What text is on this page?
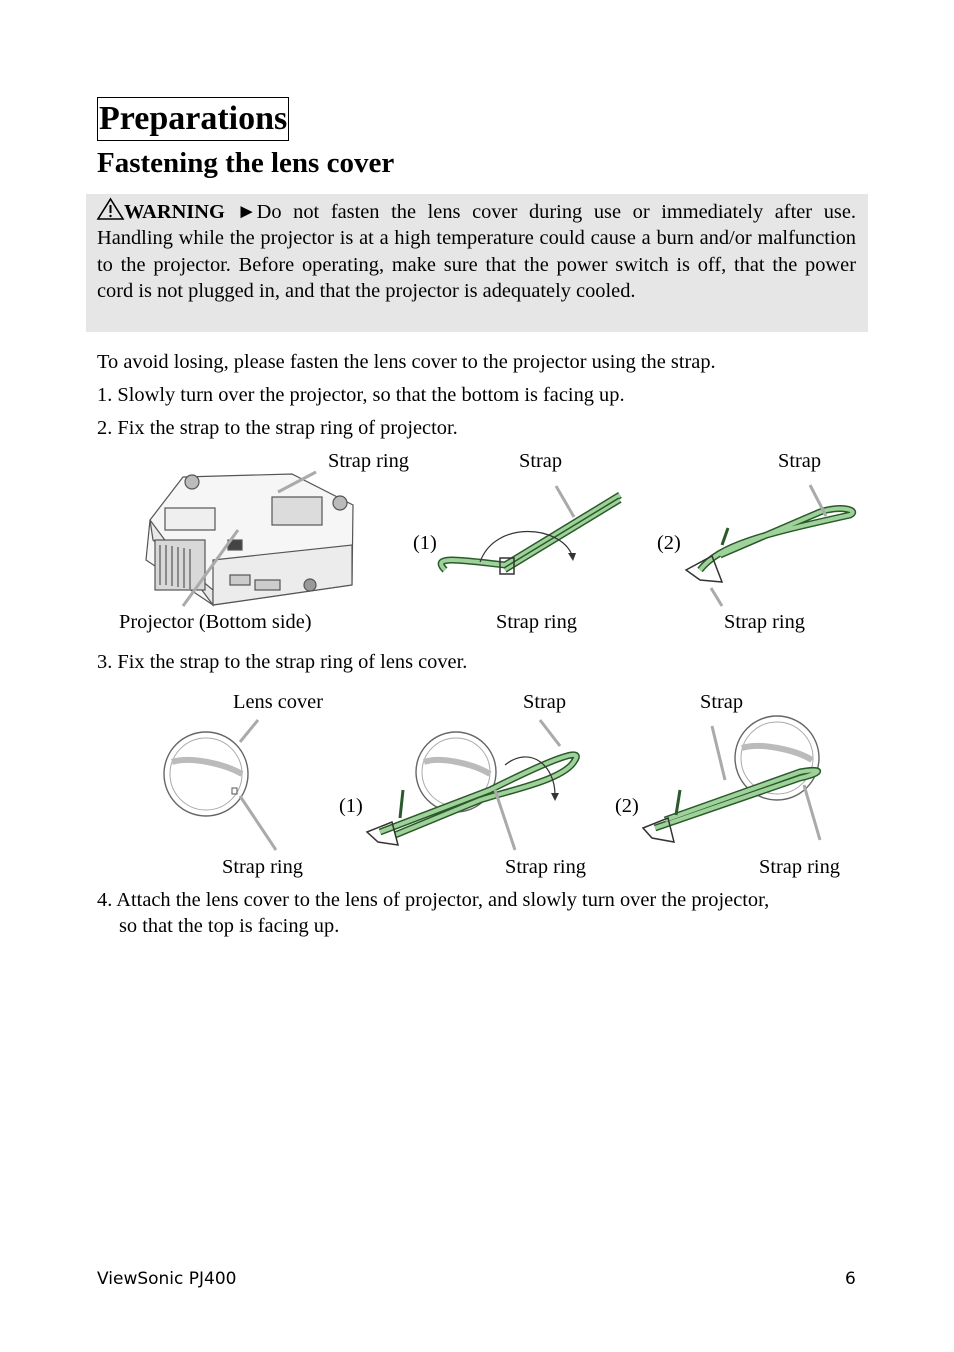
Preparations
Fastening the lens cover
WARNING ►Do not fasten the lens cover during use or immediately after use. Handling while the projector is at a high temperature could cause a burn and/or malfunction to the projector. Before operating, make sure that the power switch is off, that the power cord is not plugged in, and that the projector is adequately cooled.
To avoid losing, please fasten the lens cover to the projector using the strap.
1. Slowly turn over the projector, so that the bottom is facing up.
2. Fix the strap to the strap ring of projector.
Strap ring	Strap	Strap
(1)	(2)
Projector (Bottom side)	Strap ring	Strap ring
3. Fix the strap to the strap ring of lens cover.
Lens cover	Strap	Strap
(1)	(2)
Strap ring	Strap ring	Strap ring
4. Attach the lens cover to the lens of projector, and slowly turn over the projector,
so that the top is facing up.
ViewSonic PJ400	6
